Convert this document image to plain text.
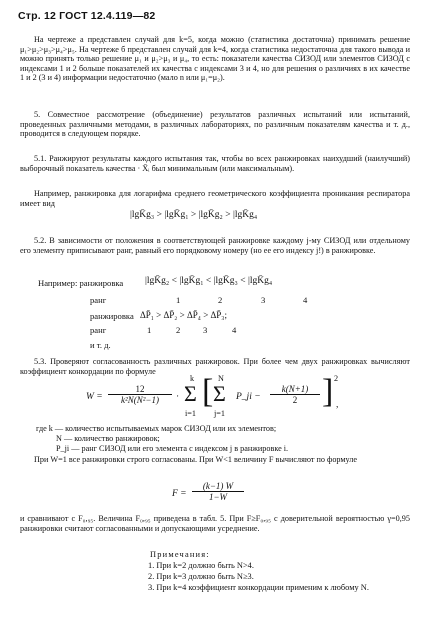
Стр. 12 ГОСТ 12.4.119—82

На чертеже а представлен случай для k=5, когда можно (статистика достаточна) принимать решение μ₁>μ₂>μ₃>μ₄>μ₅. На чертеже б представлен случай для k=4, когда статистика недостаточна для такого вывода и можно принять только решение μ₁ и μ₂>μ₃ и μ₄, то есть: показатели качества СИЗОД или элементов СИЗОД с индексами 1 и 2 больше показателей их качества с индексами 3 и 4, но для решения о различиях в их качестве 1 и 2 (3 и 4) информации недостаточно (мало n или μ₁=μ₂).

5. Совместное рассмотрение (объединение) результатов различных испытаний или испытаний, проведенных различными методами, в различных лабораториях, по различным показателям качества и т. д., проводится в следующем порядке.

5.1. Ранжируют результаты каждого испытания так, чтобы во всех ранжировках наихудший (наилучший) выборочный показатель качества · X̄ᵢ был минимальным (или максимальным).

Например, ранжировка для логарифма среднего геометрического коэффициента проникания респиратора имеет вид

|lgK̄g₃ > |lgK̄g₁ > |lgK̄g₂ > |lgK̄g₄

5.2. В зависимости от положения в соответствующей ранжировке каждому j-му СИЗОД или отдельному его элементу приписывают ранг, равный его порядковому номеру (но ее его индексу j!) в ранжировке.

Например: ранжировка |lgK̄g₂ < |lgK̄g₁ < |lgK̄g₃ < |lgK̄g₄
ранг	1	2	3	4
ранжировка ΔP̄₁ > ΔP̄₂ > ΔP̄₄ > ΔP̄₃;
ранг	1	2	3	4
и т. д.

5.3. Проверяют согласованность различных ранжировок. При более чем двух ранжировках вычисляют коэффициент конкордации по формуле

$W = \frac{12}{\text{k²N(N²−1)}}$ ·
k
Σ
i=1
[ N
Σ
j=1
P_ji − $\frac{k(N+1)}{2}$ ] 2
,
где k — количество испытываемых марок СИЗОД или их элементов;
N — количество ранжировок;
P_ji — ранг СИЗОД или его элемента с индексом j в ранжировке i.

При W=1 все ранжировки строго согласованы. При W<1 величину F вычисляют по формуле

$F = \frac{(k-1) W}{1-W}$

и сравнивают с F₀,₉₅. Величина F₀,₉₅ приведена в табл. 5. При F≥F₀,₉₅ с доверительной вероятностью γ=0,95 ранжировки считают согласованными и допускающими усреднение.

Примечания:
1. При k=2 должно быть N>4.
2. При k=3 должно быть N≥3.
3. При k=4 коэффициент конкордации применим к любому N.
